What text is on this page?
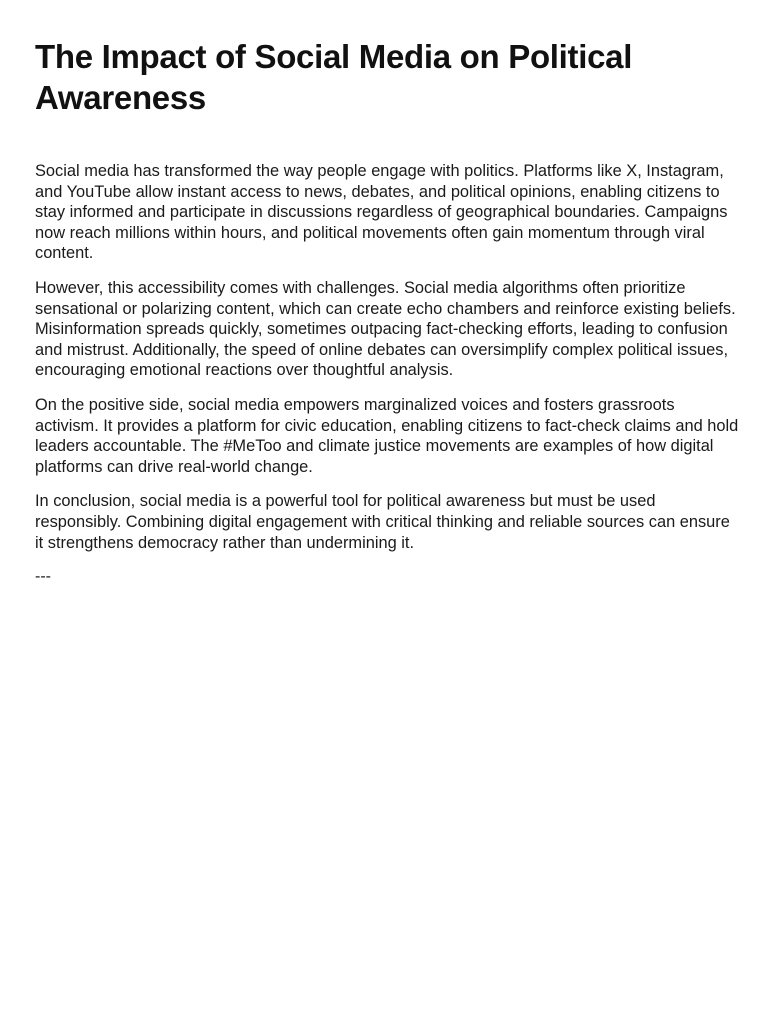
The Impact of Social Media on Political Awareness

Social media has transformed the way people engage with politics. Platforms like X, Instagram, and YouTube allow instant access to news, debates, and political opinions, enabling citizens to stay informed and participate in discussions regardless of geographical boundaries. Campaigns now reach millions within hours, and political movements often gain momentum through viral content.

However, this accessibility comes with challenges. Social media algorithms often prioritize sensational or polarizing content, which can create echo chambers and reinforce existing beliefs. Misinformation spreads quickly, sometimes outpacing fact-checking efforts, leading to confusion and mistrust. Additionally, the speed of online debates can oversimplify complex political issues, encouraging emotional reactions over thoughtful analysis.

On the positive side, social media empowers marginalized voices and fosters grassroots activism. It provides a platform for civic education, enabling citizens to fact-check claims and hold leaders accountable. The #MeToo and climate justice movements are examples of how digital platforms can drive real-world change.

In conclusion, social media is a powerful tool for political awareness but must be used responsibly. Combining digital engagement with critical thinking and reliable sources can ensure it strengthens democracy rather than undermining it.

---
